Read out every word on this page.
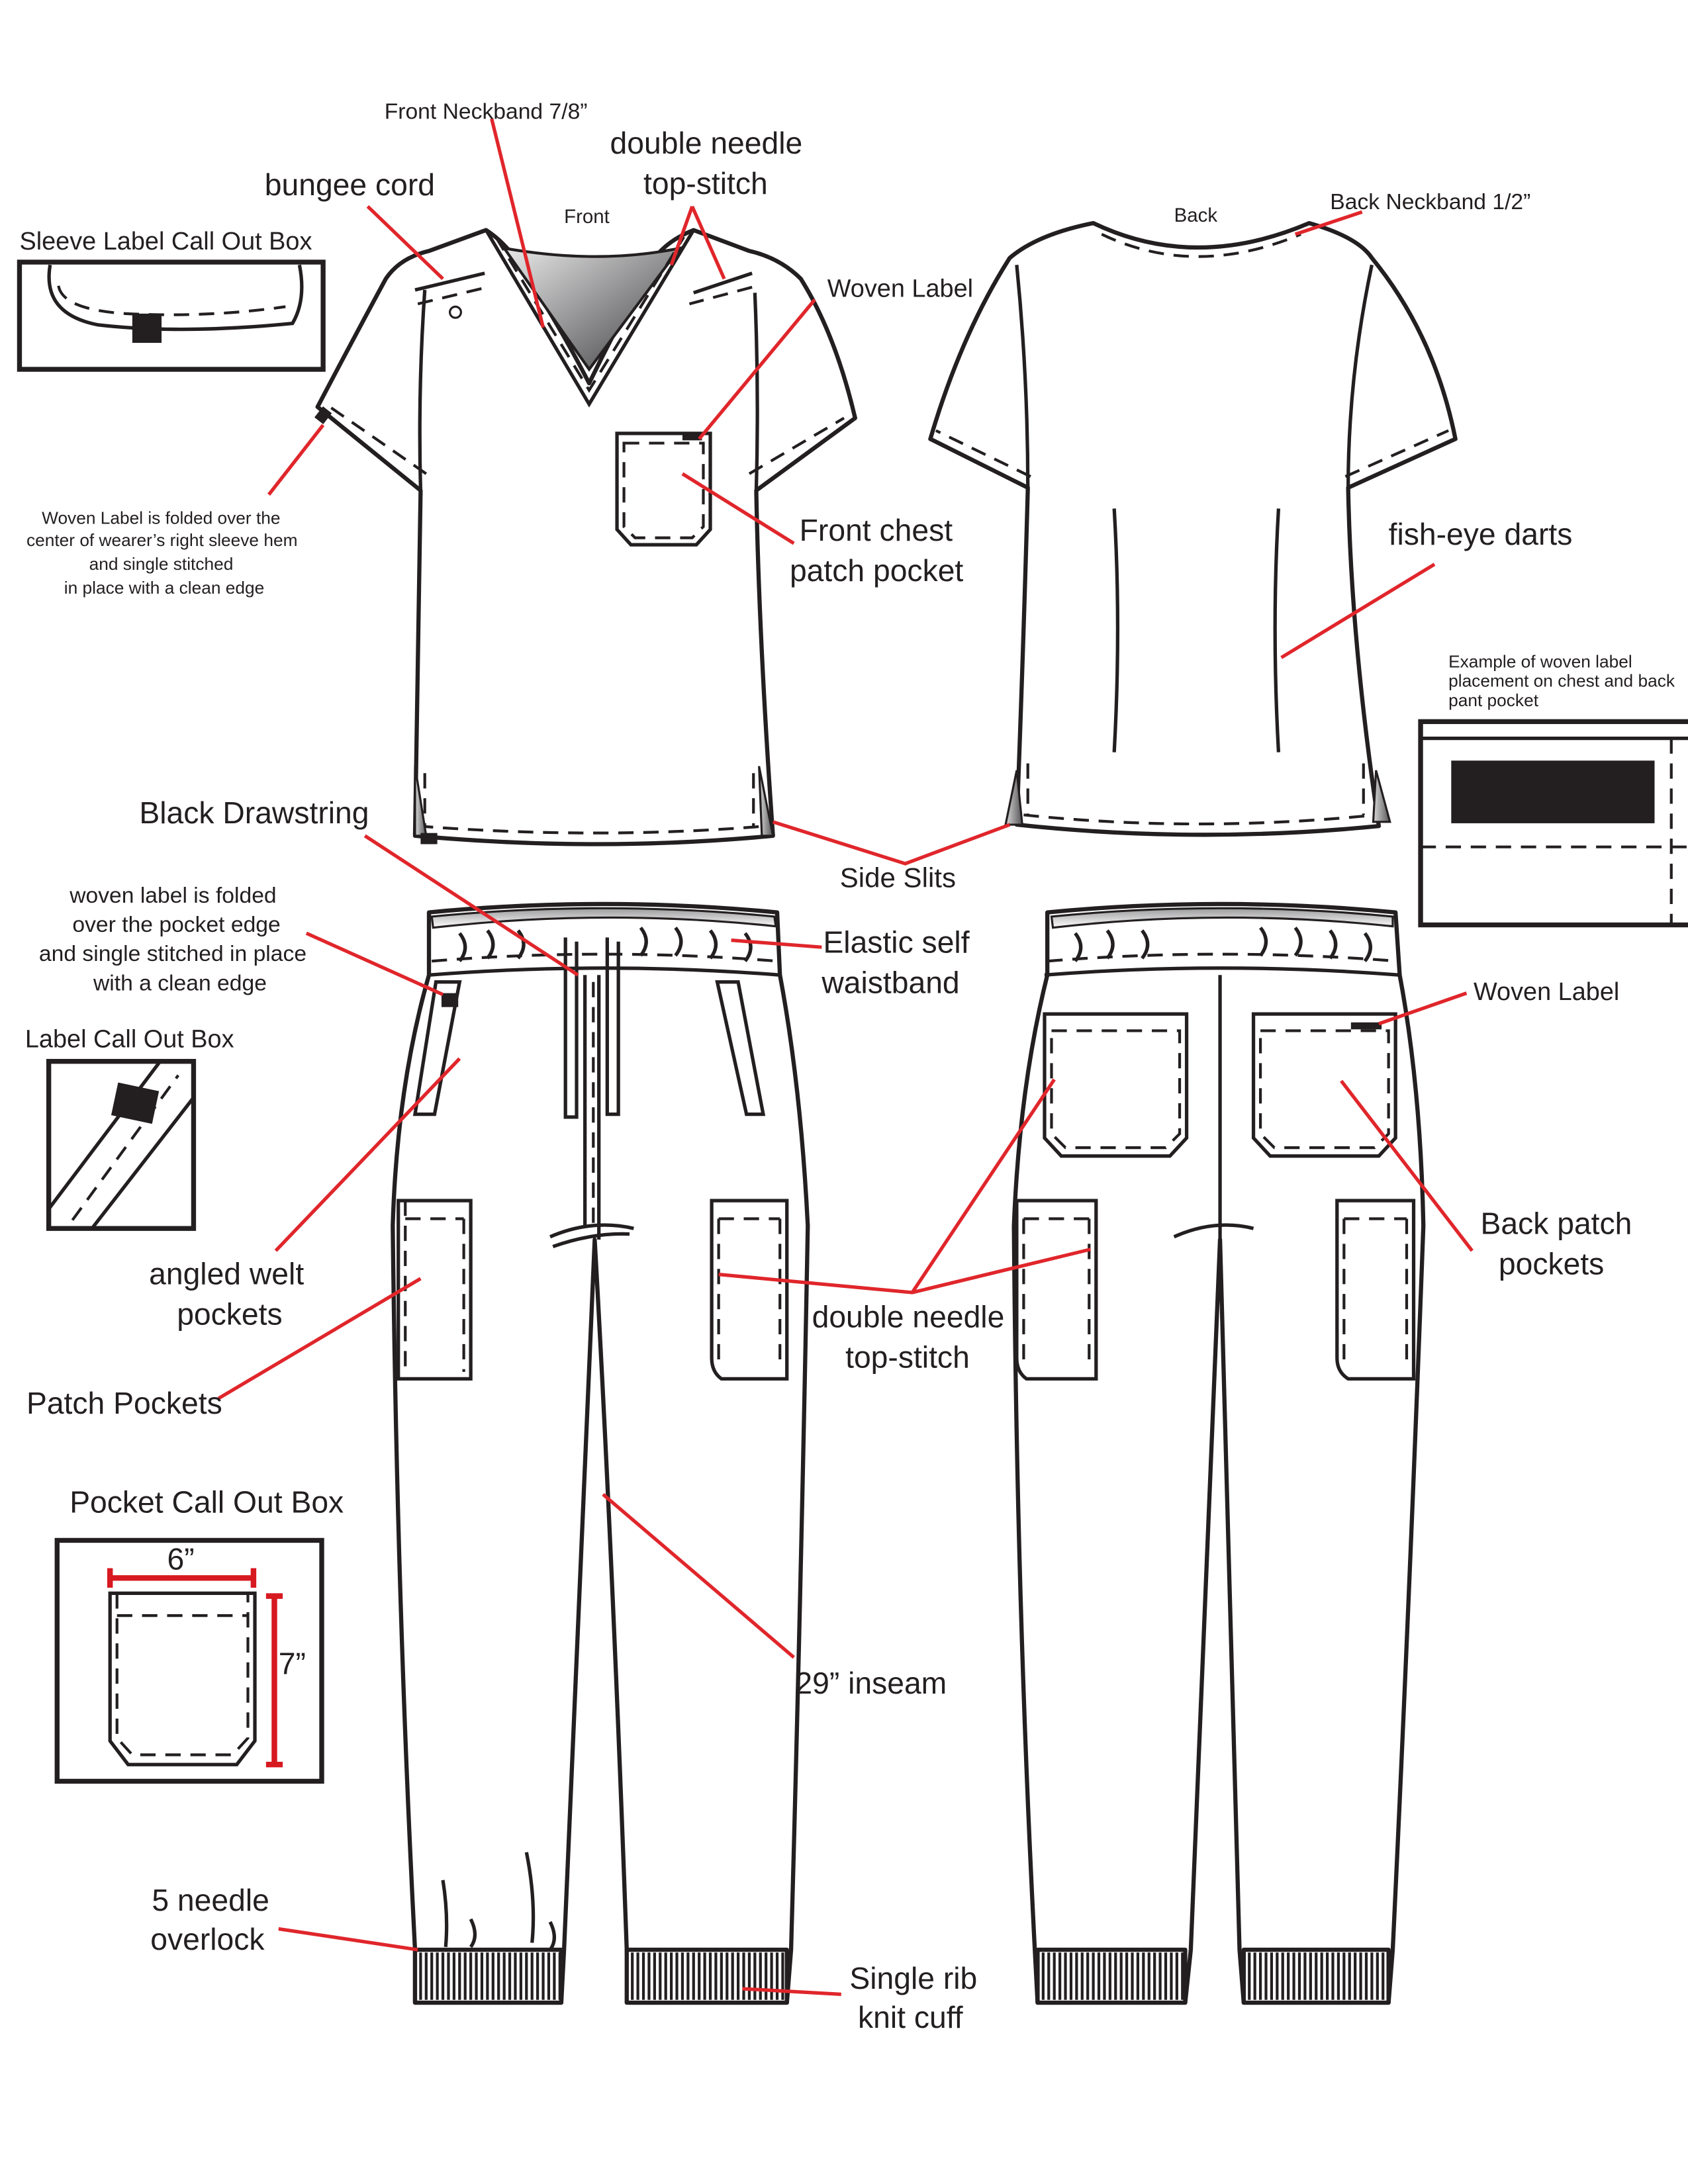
Front	Back
Front Neckband 7/8”
double needle
top-stitch
bungee cord
Sleeve Label Call Out Box
Woven Label
Back Neckband 1/2”
Woven Label is folded over the
center of wearer’s right sleeve hem
and single stitched
in place with a clean edge
Front chest
patch pocket
fish-eye darts
Example of woven label
placement on chest and back
pant pocket
Black Drawstring
Side Slits
woven label is folded
over the pocket edge
and single stitched in place
with a clean edge
Elastic self
waistband	Woven Label
Label Call Out Box
angled welt
pockets
Back patch
pockets
double needle
top-stitch
Patch Pockets
Pocket Call Out Box
6”
7”
29” inseam
5 needle
overlock
Single rib
knit cuff
